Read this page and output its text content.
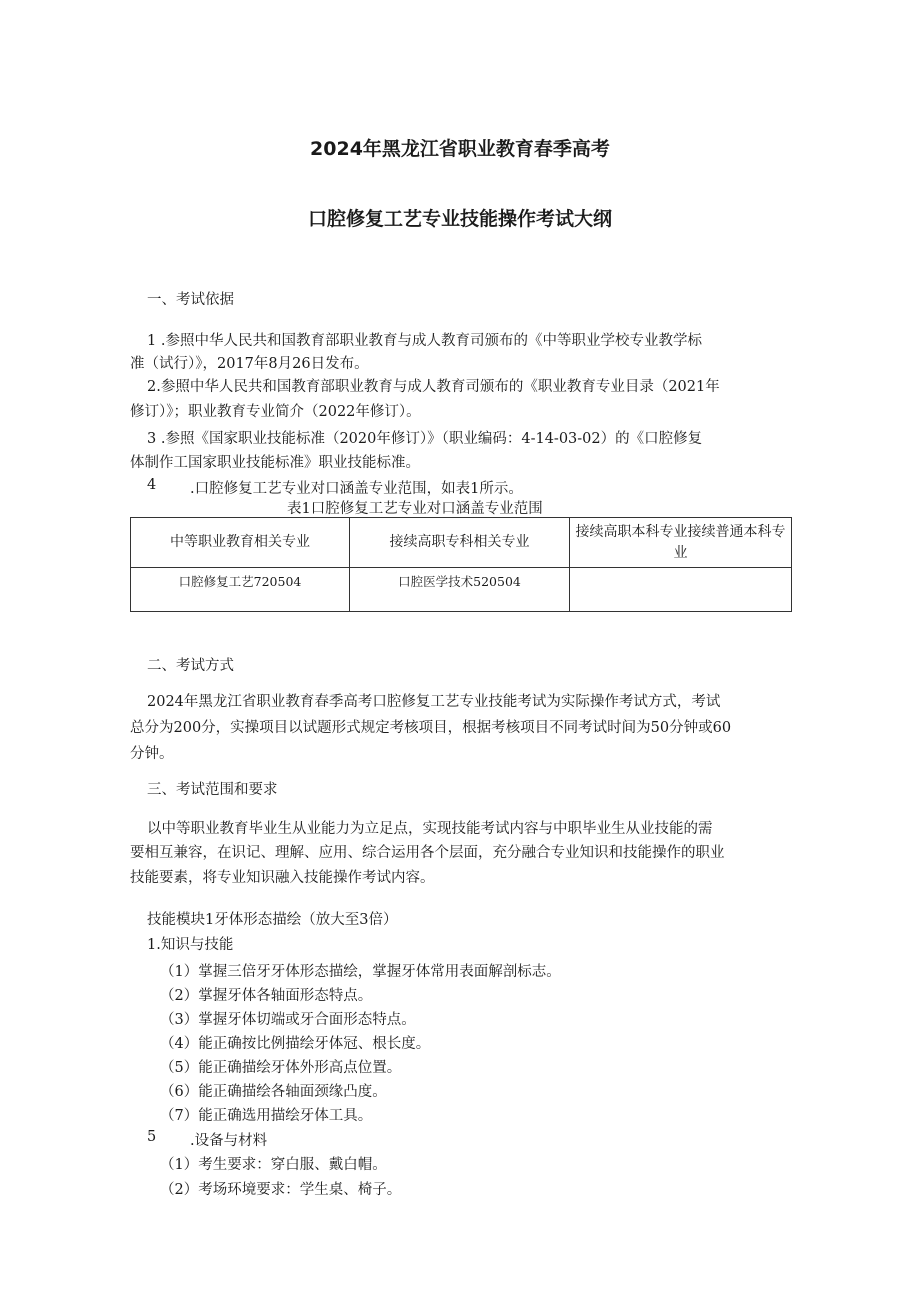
2024年黑龙江省职业教育春季高考
口腔修复工艺专业技能操作考试大纲
一、考试依据
1 .参照中华人民共和国教育部职业教育与成人教育司颁布的《中等职业学校专业教学标
准（试行）》，2017年8月26日发布。
2.参照中华人民共和国教育部职业教育与成人教育司颁布的《职业教育专业目录（2021年
修订）》；职业教育专业简介（2022年修订）。
3 .参照《国家职业技能标准（2020年修订）》（职业编码：4-14-03-02）的《口腔修复
体制作工国家职业技能标准》职业技能标准。
4 .口腔修复工艺专业对口涵盖专业范围，如表1所示。
表1口腔修复工艺专业对口涵盖专业范围
中等职业教育相关专业	接续高职专科相关专业	接续高职本科专业接续普通本科专业
口腔修复工艺720504	口腔医学技术520504	
二、考试方式
2024年黑龙江省职业教育春季高考口腔修复工艺专业技能考试为实际操作考试方式，考试
总分为200分，实操项目以试题形式规定考核项目，根据考核项目不同考试时间为50分钟或60
分钟。
三、考试范围和要求
以中等职业教育毕业生从业能力为立足点，实现技能考试内容与中职毕业生从业技能的需
要相互兼容，在识记、理解、应用、综合运用各个层面，充分融合专业知识和技能操作的职业
技能要素，将专业知识融入技能操作考试内容。
技能模块1牙体形态描绘（放大至3倍）
1.知识与技能
（1）掌握三倍牙牙体形态描绘，掌握牙体常用表面解剖标志。
（2）掌握牙体各轴面形态特点。
（3）掌握牙体切端或牙合面形态特点。
（4）能正确按比例描绘牙体冠、根长度。
（5）能正确描绘牙体外形高点位置。
（6）能正确描绘各轴面颈缘凸度。
（7）能正确选用描绘牙体工具。
5 .设备与材料
（1）考生要求：穿白服、戴白帽。
（2）考场环境要求：学生桌、椅子。
